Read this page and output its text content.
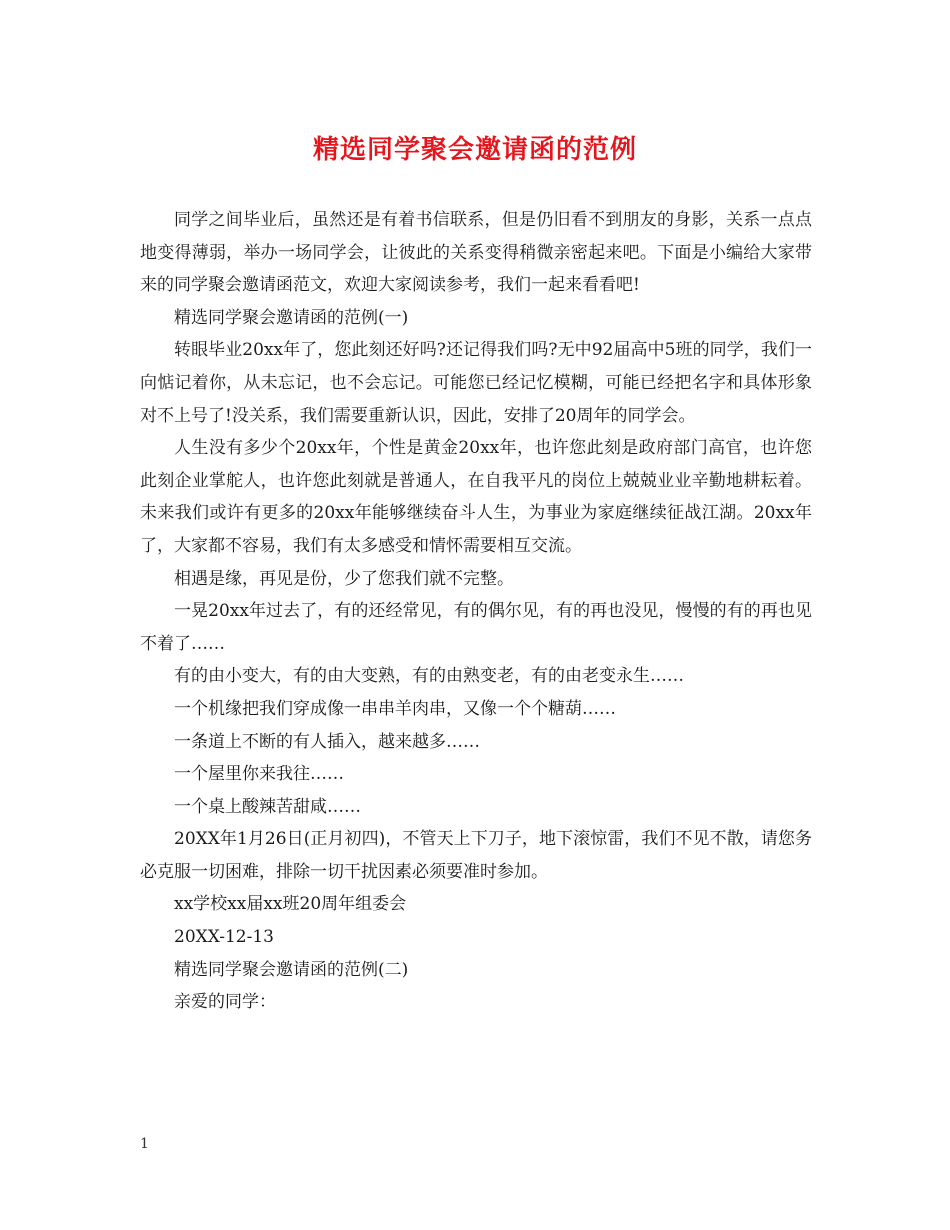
精选同学聚会邀请函的范例

同学之间毕业后，虽然还是有着书信联系，但是仍旧看不到朋友的身影，关系一点点地变得薄弱，举办一场同学会，让彼此的关系变得稍微亲密起来吧。下面是小编给大家带来的同学聚会邀请函范文，欢迎大家阅读参考，我们一起来看看吧!

精选同学聚会邀请函的范例(一)

转眼毕业20xx年了，您此刻还好吗?还记得我们吗?无中92届高中5班的同学，我们一向惦记着你，从未忘记，也不会忘记。可能您已经记忆模糊，可能已经把名字和具体形象对不上号了!没关系，我们需要重新认识，因此，安排了20周年的同学会。

人生没有多少个20xx年，个性是黄金20xx年，也许您此刻是政府部门高官，也许您此刻企业掌舵人，也许您此刻就是普通人，在自我平凡的岗位上兢兢业业辛勤地耕耘着。未来我们或许有更多的20xx年能够继续奋斗人生，为事业为家庭继续征战江湖。20xx年了，大家都不容易，我们有太多感受和情怀需要相互交流。

相遇是缘，再见是份，少了您我们就不完整。

一晃20xx年过去了，有的还经常见，有的偶尔见，有的再也没见，慢慢的有的再也见不着了……

有的由小变大，有的由大变熟，有的由熟变老，有的由老变永生……

一个机缘把我们穿成像一串串羊肉串，又像一个个糖葫……

一条道上不断的有人插入，越来越多……

一个屋里你来我往……

一个桌上酸辣苦甜咸……

20XX年1月26日(正月初四)，不管天上下刀子，地下滚惊雷，我们不见不散，请您务必克服一切困难，排除一切干扰因素必须要准时参加。

xx学校xx届xx班20周年组委会

20XX-12-13

精选同学聚会邀请函的范例(二)

亲爱的同学：

1
